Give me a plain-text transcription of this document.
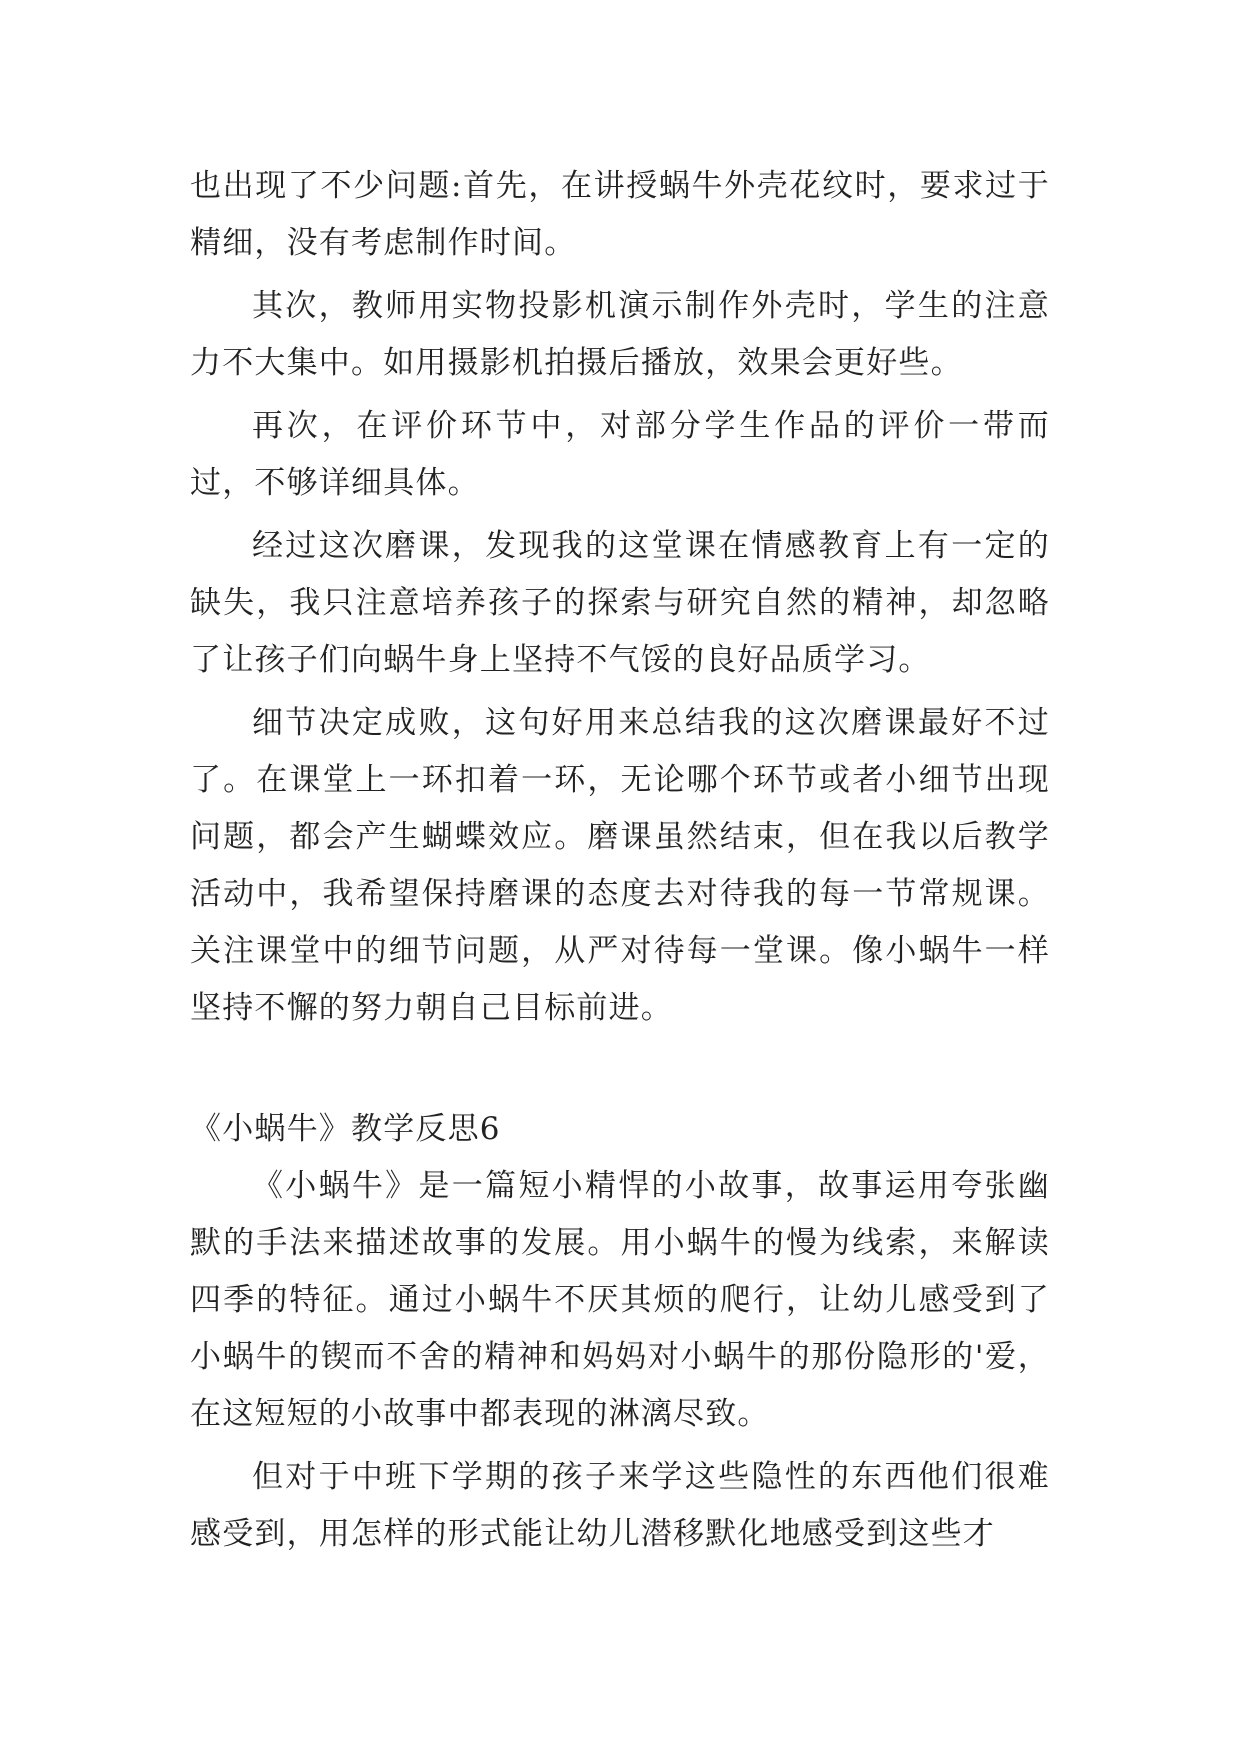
也出现了不少问题:首先，在讲授蜗牛外壳花纹时，要求过于精细，没有考虑制作时间。

其次，教师用实物投影机演示制作外壳时，学生的注意力不大集中。如用摄影机拍摄后播放，效果会更好些。

再次，在评价环节中，对部分学生作品的评价一带而过，不够详细具体。

经过这次磨课，发现我的这堂课在情感教育上有一定的缺失，我只注意培养孩子的探索与研究自然的精神，却忽略了让孩子们向蜗牛身上坚持不气馁的良好品质学习。

细节决定成败，这句好用来总结我的这次磨课最好不过了。在课堂上一环扣着一环，无论哪个环节或者小细节出现问题，都会产生蝴蝶效应。磨课虽然结束，但在我以后教学活动中，我希望保持磨课的态度去对待我的每一节常规课。关注课堂中的细节问题，从严对待每一堂课。像小蜗牛一样坚持不懈的努力朝自己目标前进。

《小蜗牛》教学反思6

《小蜗牛》是一篇短小精悍的小故事，故事运用夸张幽默的手法来描述故事的发展。用小蜗牛的慢为线索，来解读四季的特征。通过小蜗牛不厌其烦的爬行，让幼儿感受到了小蜗牛的锲而不舍的精神和妈妈对小蜗牛的那份隐形的'爱，在这短短的小故事中都表现的淋漓尽致。

但对于中班下学期的孩子来学这些隐性的东西他们很难感受到，用怎样的形式能让幼儿潜移默化地感受到这些才
